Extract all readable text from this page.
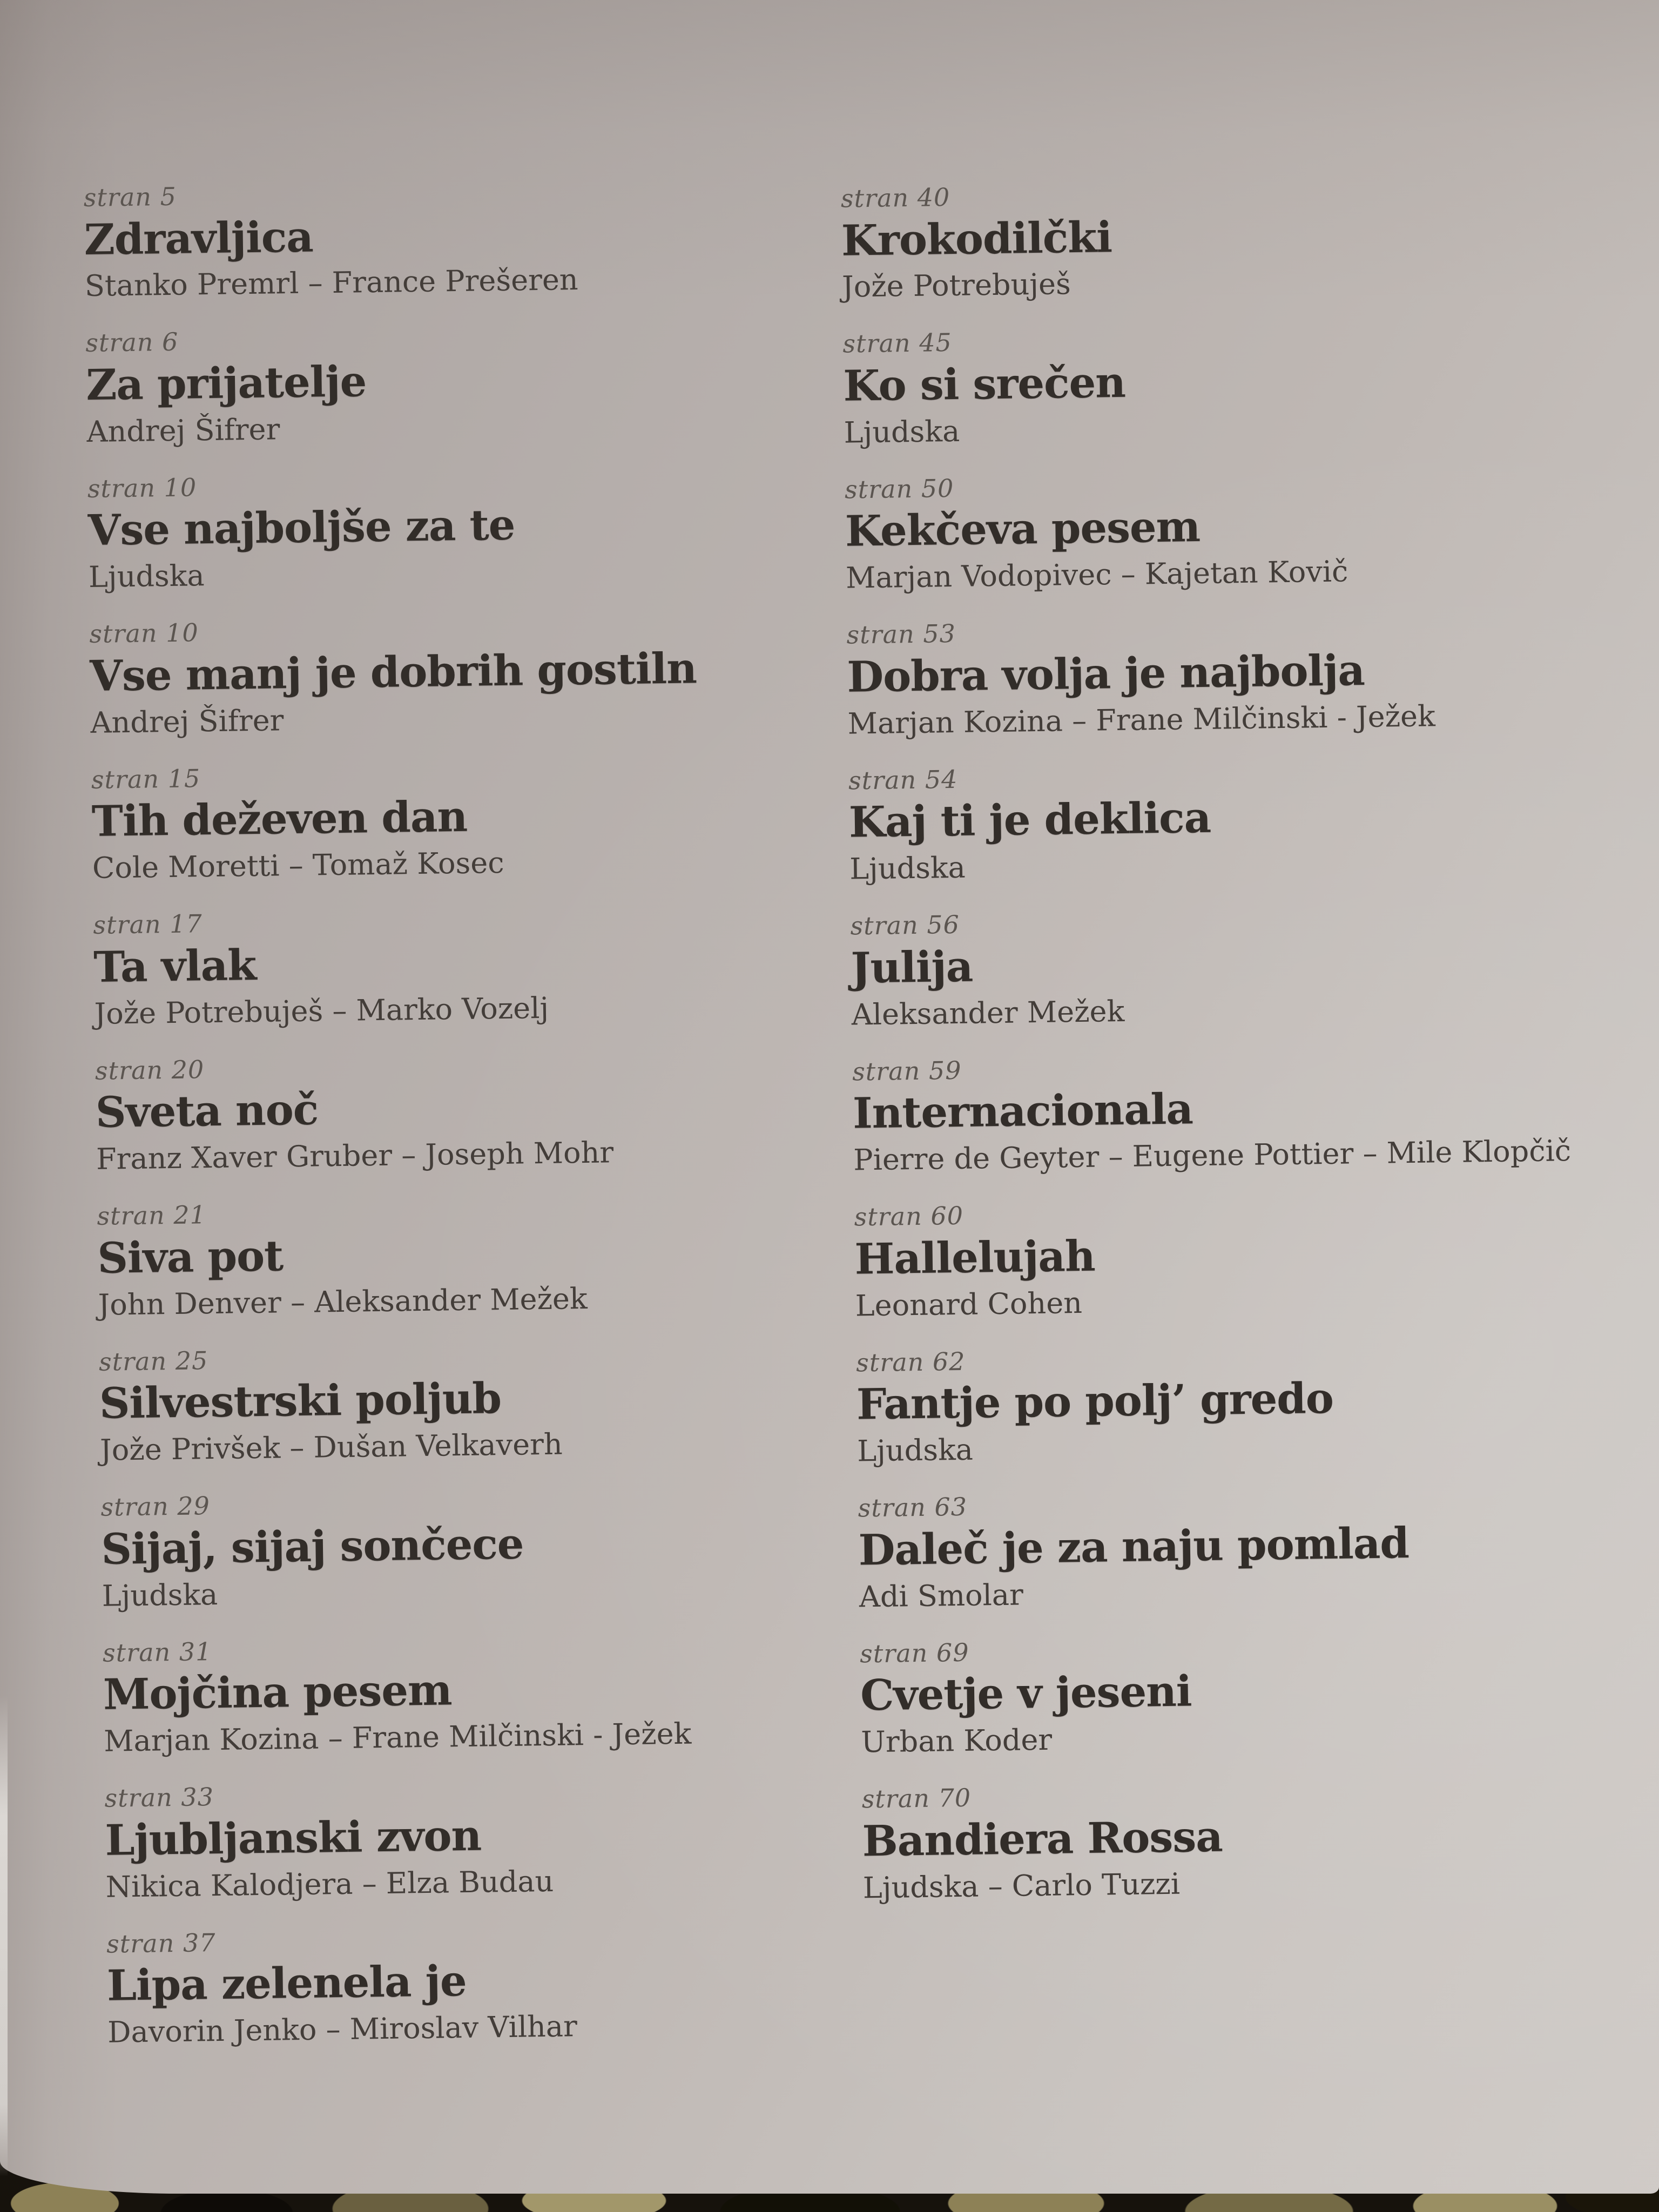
stran 5
Zdravljica
Stanko Premrl – France Prešeren
stran 6
Za prijatelje
Andrej Šifrer
stran 10
Vse najboljše za te
Ljudska
stran 10
Vse manj je dobrih gostiln
Andrej Šifrer
stran 15
Tih deževen dan
Cole Moretti – Tomaž Kosec
stran 17
Ta vlak
Jože Potrebuješ – Marko Vozelj
stran 20
Sveta noč
Franz Xaver Gruber – Joseph Mohr
stran 21
Siva pot
John Denver – Aleksander Mežek
stran 25
Silvestrski poljub
Jože Privšek – Dušan Velkaverh
stran 29
Sijaj, sijaj sončece
Ljudska
stran 31
Mojčina pesem
Marjan Kozina – Frane Milčinski - Ježek
stran 33
Ljubljanski zvon
Nikica Kalodjera – Elza Budau
stran 37
Lipa zelenela je
Davorin Jenko – Miroslav Vilhar
stran 40
Krokodilčki
Jože Potrebuješ
stran 45
Ko si srečen
Ljudska
stran 50
Kekčeva pesem
Marjan Vodopivec – Kajetan Kovič
stran 53
Dobra volja je najbolja
Marjan Kozina – Frane Milčinski - Ježek
stran 54
Kaj ti je deklica
Ljudska
stran 56
Julija
Aleksander Mežek
stran 59
Internacionala
Pierre de Geyter – Eugene Pottier – Mile Klopčič
stran 60
Hallelujah
Leonard Cohen
stran 62
Fantje po polj’ gredo
Ljudska
stran 63
Daleč je za naju pomlad
Adi Smolar
stran 69
Cvetje v jeseni
Urban Koder
stran 70
Bandiera Rossa
Ljudska – Carlo Tuzzi
